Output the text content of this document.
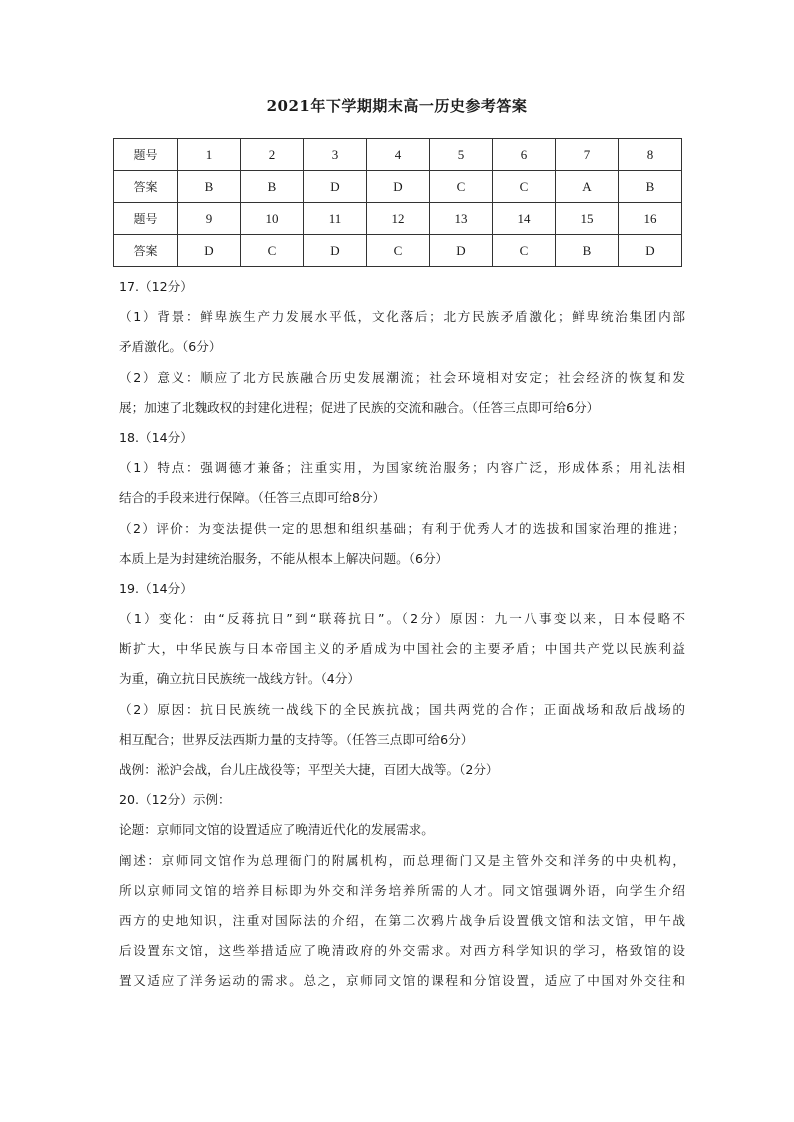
2021年下学期期末高一历史参考答案
题号	1	2	3	4	5	6	7	8
答案	B	B	D	D	C	C	A	B
题号	9	10	11	12	13	14	15	16
答案	D	C	D	C	D	C	B	D
17.（12分）
（1）背景：鲜卑族生产力发展水平低，文化落后；北方民族矛盾激化；鲜卑统治集团内部
矛盾激化。（6分）
（2）意义：顺应了北方民族融合历史发展潮流；社会环境相对安定；社会经济的恢复和发
展；加速了北魏政权的封建化进程；促进了民族的交流和融合。（任答三点即可给6分）
18.（14分）
（1）特点：强调德才兼备；注重实用，为国家统治服务；内容广泛，形成体系；用礼法相
结合的手段来进行保障。（任答三点即可给8分）
（2）评价：为变法提供一定的思想和组织基础；有利于优秀人才的选拔和国家治理的推进；
本质上是为封建统治服务，不能从根本上解决问题。（6分）
19.（14分）
（1）变化：由“反蒋抗日”到“联蒋抗日”。（2分）原因：九一八事变以来，日本侵略不
断扩大，中华民族与日本帝国主义的矛盾成为中国社会的主要矛盾；中国共产党以民族利益
为重，确立抗日民族统一战线方针。（4分）
（2）原因：抗日民族统一战线下的全民族抗战；国共两党的合作；正面战场和敌后战场的
相互配合；世界反法西斯力量的支持等。（任答三点即可给6分）
战例：淞沪会战，台儿庄战役等；平型关大捷，百团大战等。（2分）
20.（12分）示例：
论题：京师同文馆的设置适应了晚清近代化的发展需求。
阐述：京师同文馆作为总理衙门的附属机构，而总理衙门又是主管外交和洋务的中央机构，
所以京师同文馆的培养目标即为外交和洋务培养所需的人才。同文馆强调外语，向学生介绍
西方的史地知识，注重对国际法的介绍，在第二次鸦片战争后设置俄文馆和法文馆，甲午战
后设置东文馆，这些举措适应了晚清政府的外交需求。对西方科学知识的学习，格致馆的设
置又适应了洋务运动的需求。总之，京师同文馆的课程和分馆设置，适应了中国对外交往和
